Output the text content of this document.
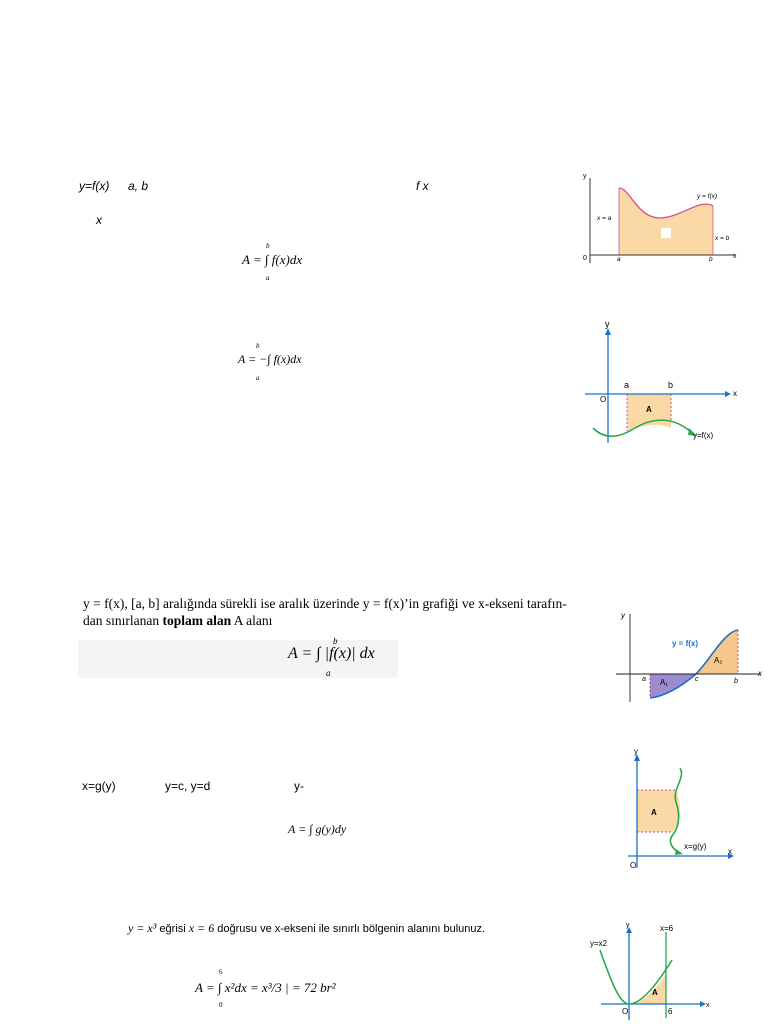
y=f(x) a, b	f x
x
A = ∫ f(x)dx
b
a
y
x
0	a	b
y = f(x)
x = a
x = b
A = −∫ f(x)dx
b
a
y
x
O
a	b
A
y=f(x)
y = f(x), [a, b] aralığında sürekli ise aralık üzerinde y = f(x)’in grafiği ve x-ekseni tarafın-
dan sınırlanan toplam alan A alanı
A = ∫ |f(x)| dx
b
a
y
x
a	b
c
A₁
A₂
y = f(x)
x=g(y)	y=c, y=d	y-
A = ∫ g(y)dy
y
x
O
A
x=g(y)
y = x³ eğrisi x = 6 doğrusu ve x-ekseni ile sınırlı bölgenin alanını bulunuz.
A = ∫ x²dx = x³/3 | = 72 br²
6
0
y
x
O	6
x=6
y=x2
A
